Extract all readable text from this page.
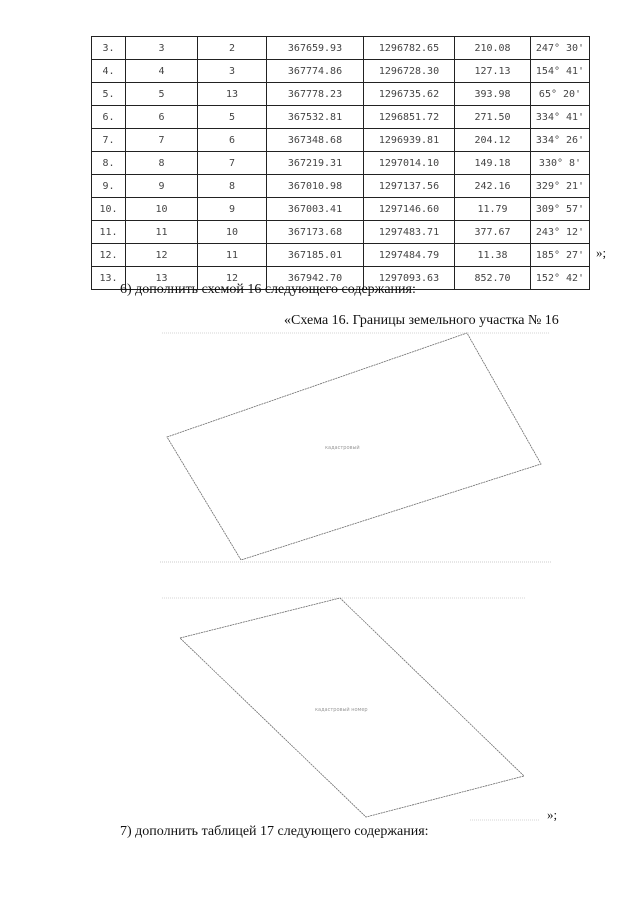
3.	3	2	367659.93	1296782.65	210.08	247° 30'
4.	4	3	367774.86	1296728.30	127.13	154° 41'
5.	5	13	367778.23	1296735.62	393.98	65° 20'
6.	6	5	367532.81	1296851.72	271.50	334° 41'
7.	7	6	367348.68	1296939.81	204.12	334° 26'
8.	8	7	367219.31	1297014.10	149.18	330° 8'
9.	9	8	367010.98	1297137.56	242.16	329° 21'
10.	10	9	367003.41	1297146.60	11.79	309° 57'
11.	11	10	367173.68	1297483.71	377.67	243° 12'
12.	12	11	367185.01	1297484.79	11.38	185° 27'
13.	13	12	367942.70	1297093.63	852.70	152° 42'
»;
6) дополнить схемой 16 следующего содержания:
«Схема 16. Границы земельного участка № 16
кадастровый
кадастровый номер
»;
7) дополнить таблицей 17 следующего содержания:
